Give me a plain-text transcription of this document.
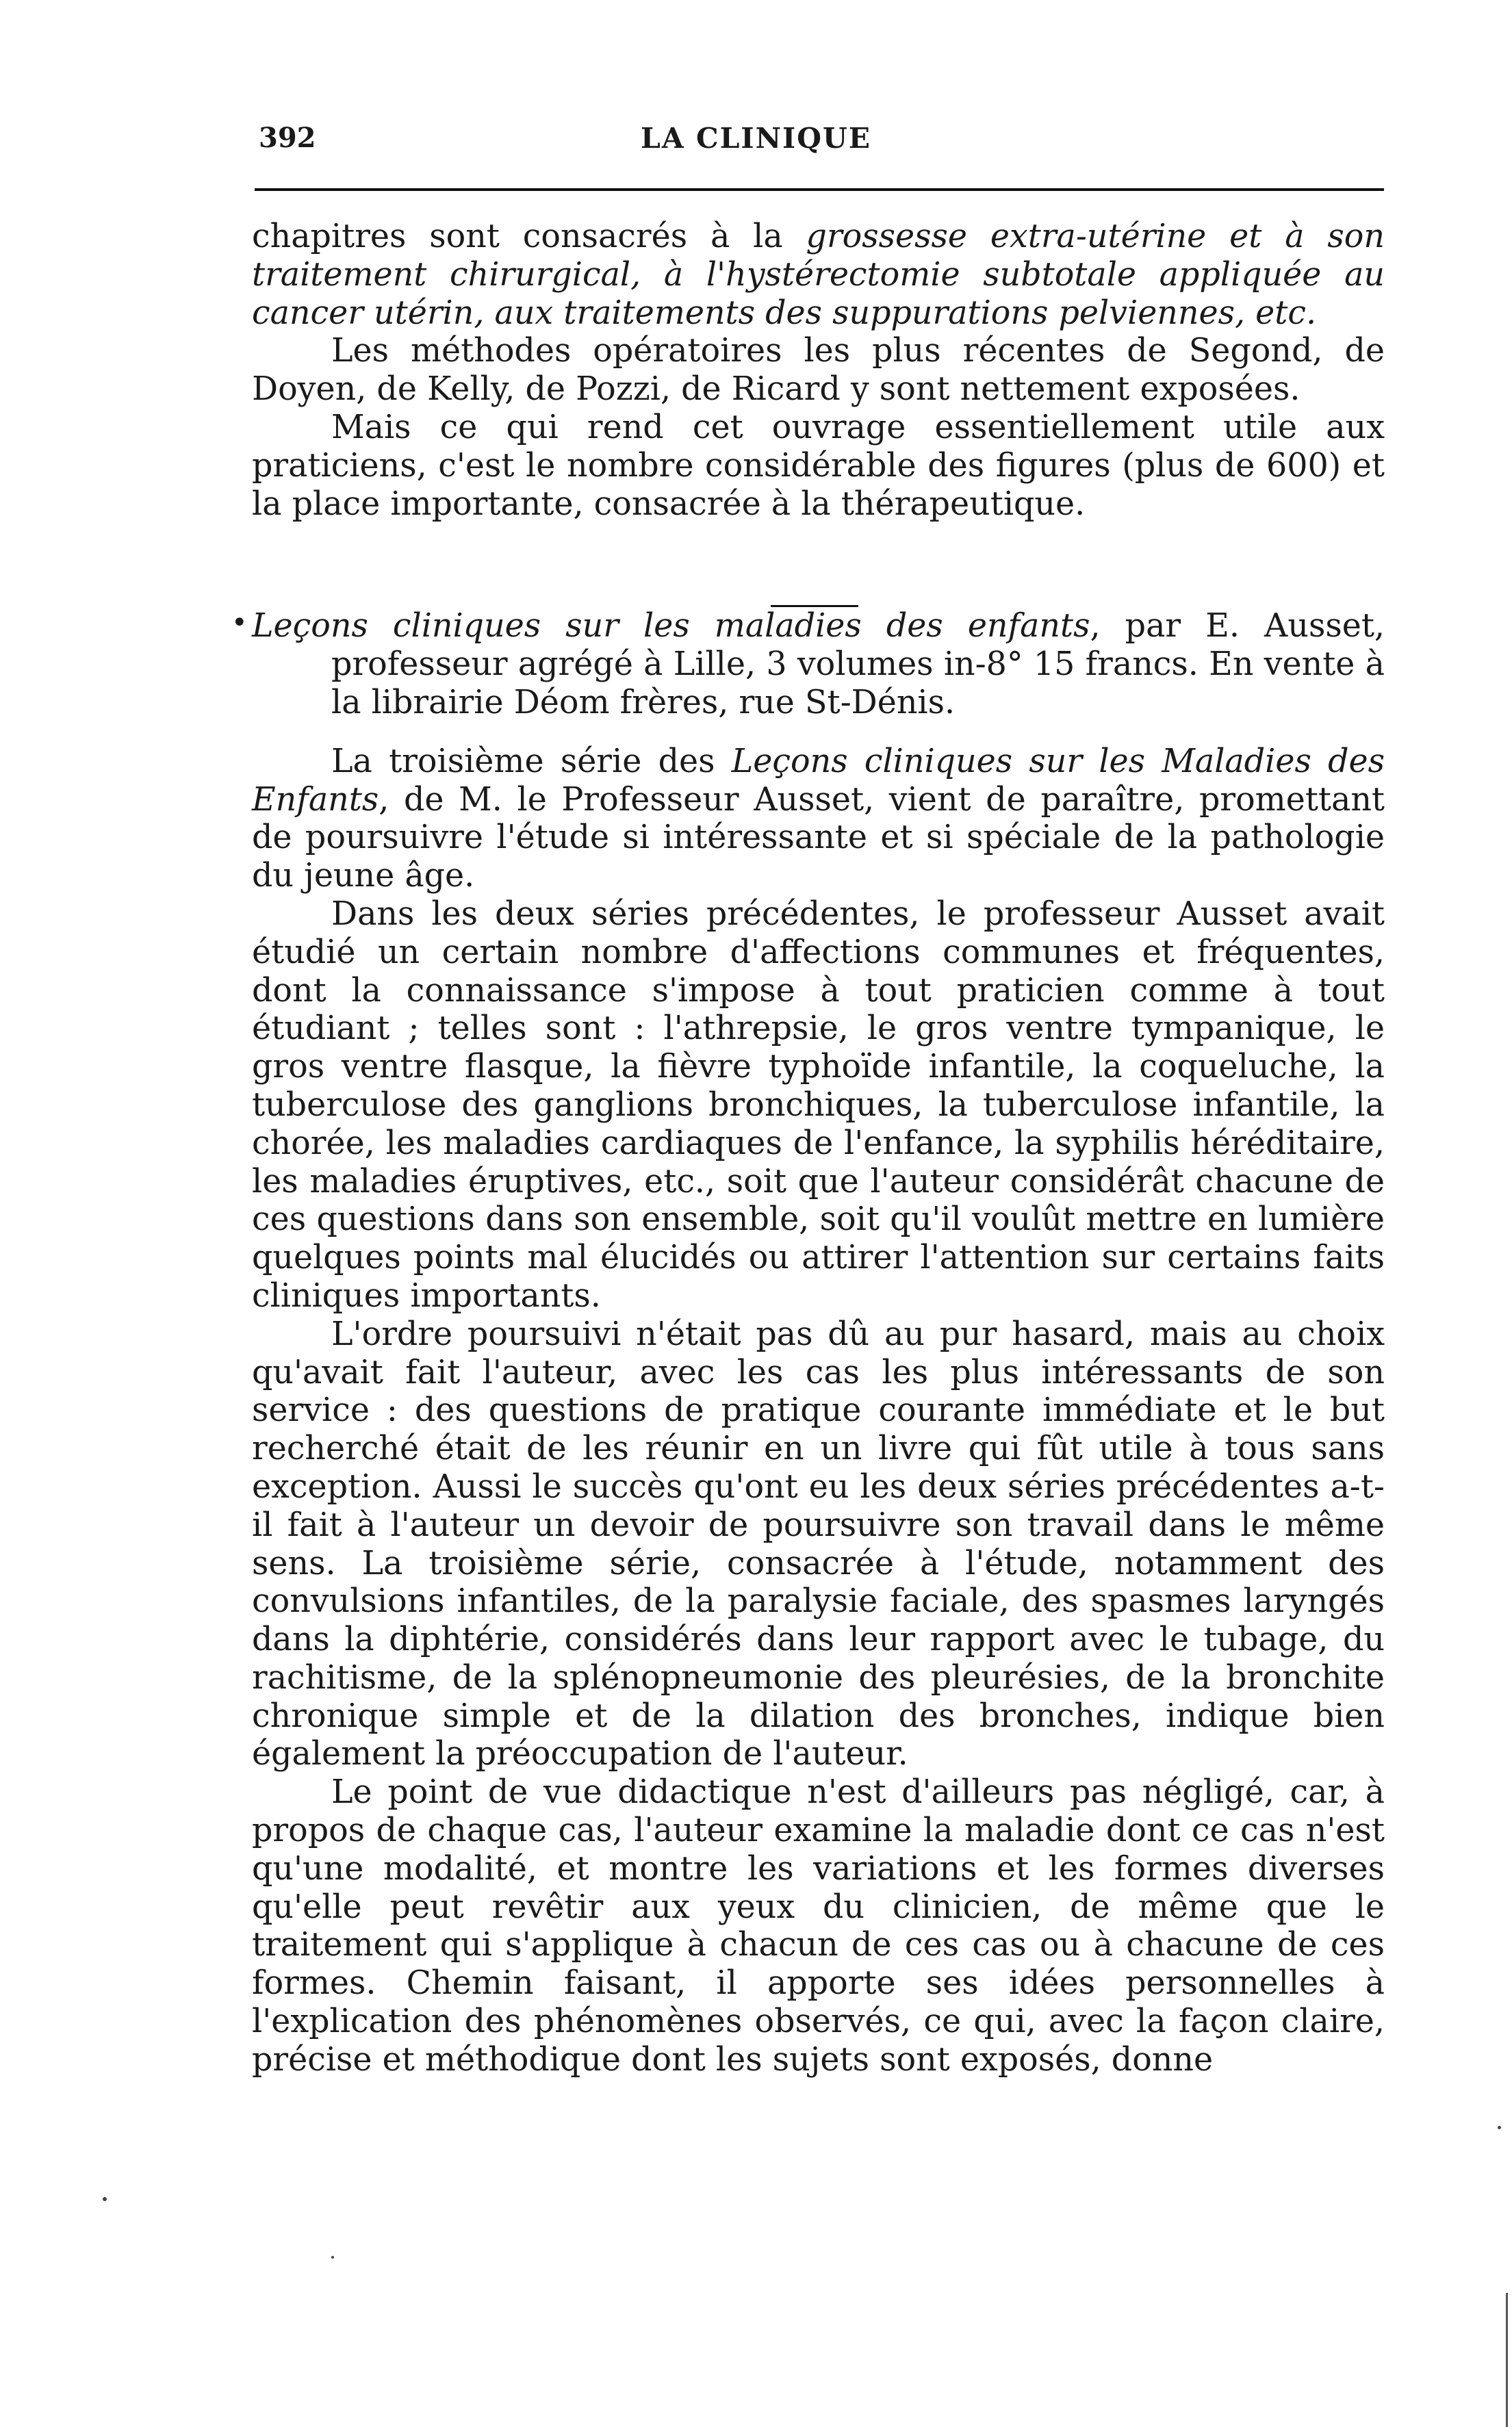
392	LA CLINIQUE

chapitres sont consacrés à la grossesse extra-utérine et à son traitement chirurgical, à l'hystérectomie subtotale appliquée au cancer utérin, aux traitements des suppurations pelviennes, etc.

Les méthodes opératoires les plus récentes de Segond, de Doyen, de Kelly, de Pozzi, de Ricard y sont nettement exposées.

Mais ce qui rend cet ouvrage essentiellement utile aux praticiens, c'est le nombre considérable des figures (plus de 600) et la place importante, consacrée à la thérapeutique.

• Leçons cliniques sur les maladies des enfants, par E. Ausset, professeur agrégé à Lille, 3 volumes in-8° 15 francs. En vente à la librairie Déom frères, rue St-Dénis.

La troisième série des Leçons cliniques sur les Maladies des Enfants, de M. le Professeur Ausset, vient de paraître, promettant de poursuivre l'étude si intéressante et si spéciale de la pathologie du jeune âge.

Dans les deux séries précédentes, le professeur Ausset avait étudié un certain nombre d'affections communes et fréquentes, dont la connaissance s'impose à tout praticien comme à tout étudiant ; telles sont : l'athrepsie, le gros ventre tympanique, le gros ventre flasque, la fièvre typhoïde infantile, la coqueluche, la tuberculose des ganglions bronchiques, la tuberculose infantile, la chorée, les maladies cardiaques de l'enfance, la syphilis héréditaire, les maladies éruptives, etc., soit que l'auteur considérât chacune de ces questions dans son ensemble, soit qu'il voulût mettre en lumière quelques points mal élucidés ou attirer l'attention sur certains faits cliniques importants.

L'ordre poursuivi n'était pas dû au pur hasard, mais au choix qu'avait fait l'auteur, avec les cas les plus intéressants de son service : des questions de pratique courante immédiate et le but recherché était de les réunir en un livre qui fût utile à tous sans exception. Aussi le succès qu'ont eu les deux séries précédentes a-t-il fait à l'auteur un devoir de poursuivre son travail dans le même sens. La troisième série, consacrée à l'étude, notamment des convulsions infantiles, de la paralysie faciale, des spasmes laryngés dans la diphtérie, considérés dans leur rapport avec le tubage, du rachitisme, de la splénopneumonie des pleurésies, de la bronchite chronique simple et de la dilation des bronches, indique bien également la préoccupation de l'auteur.

Le point de vue didactique n'est d'ailleurs pas négligé, car, à propos de chaque cas, l'auteur examine la maladie dont ce cas n'est qu'une modalité, et montre les variations et les formes diverses qu'elle peut revêtir aux yeux du clinicien, de même que le traitement qui s'applique à chacun de ces cas ou à chacune de ces formes. Chemin faisant, il apporte ses idées personnelles à l'explication des phénomènes observés, ce qui, avec la façon claire, précise et méthodique dont les sujets sont exposés, donne
